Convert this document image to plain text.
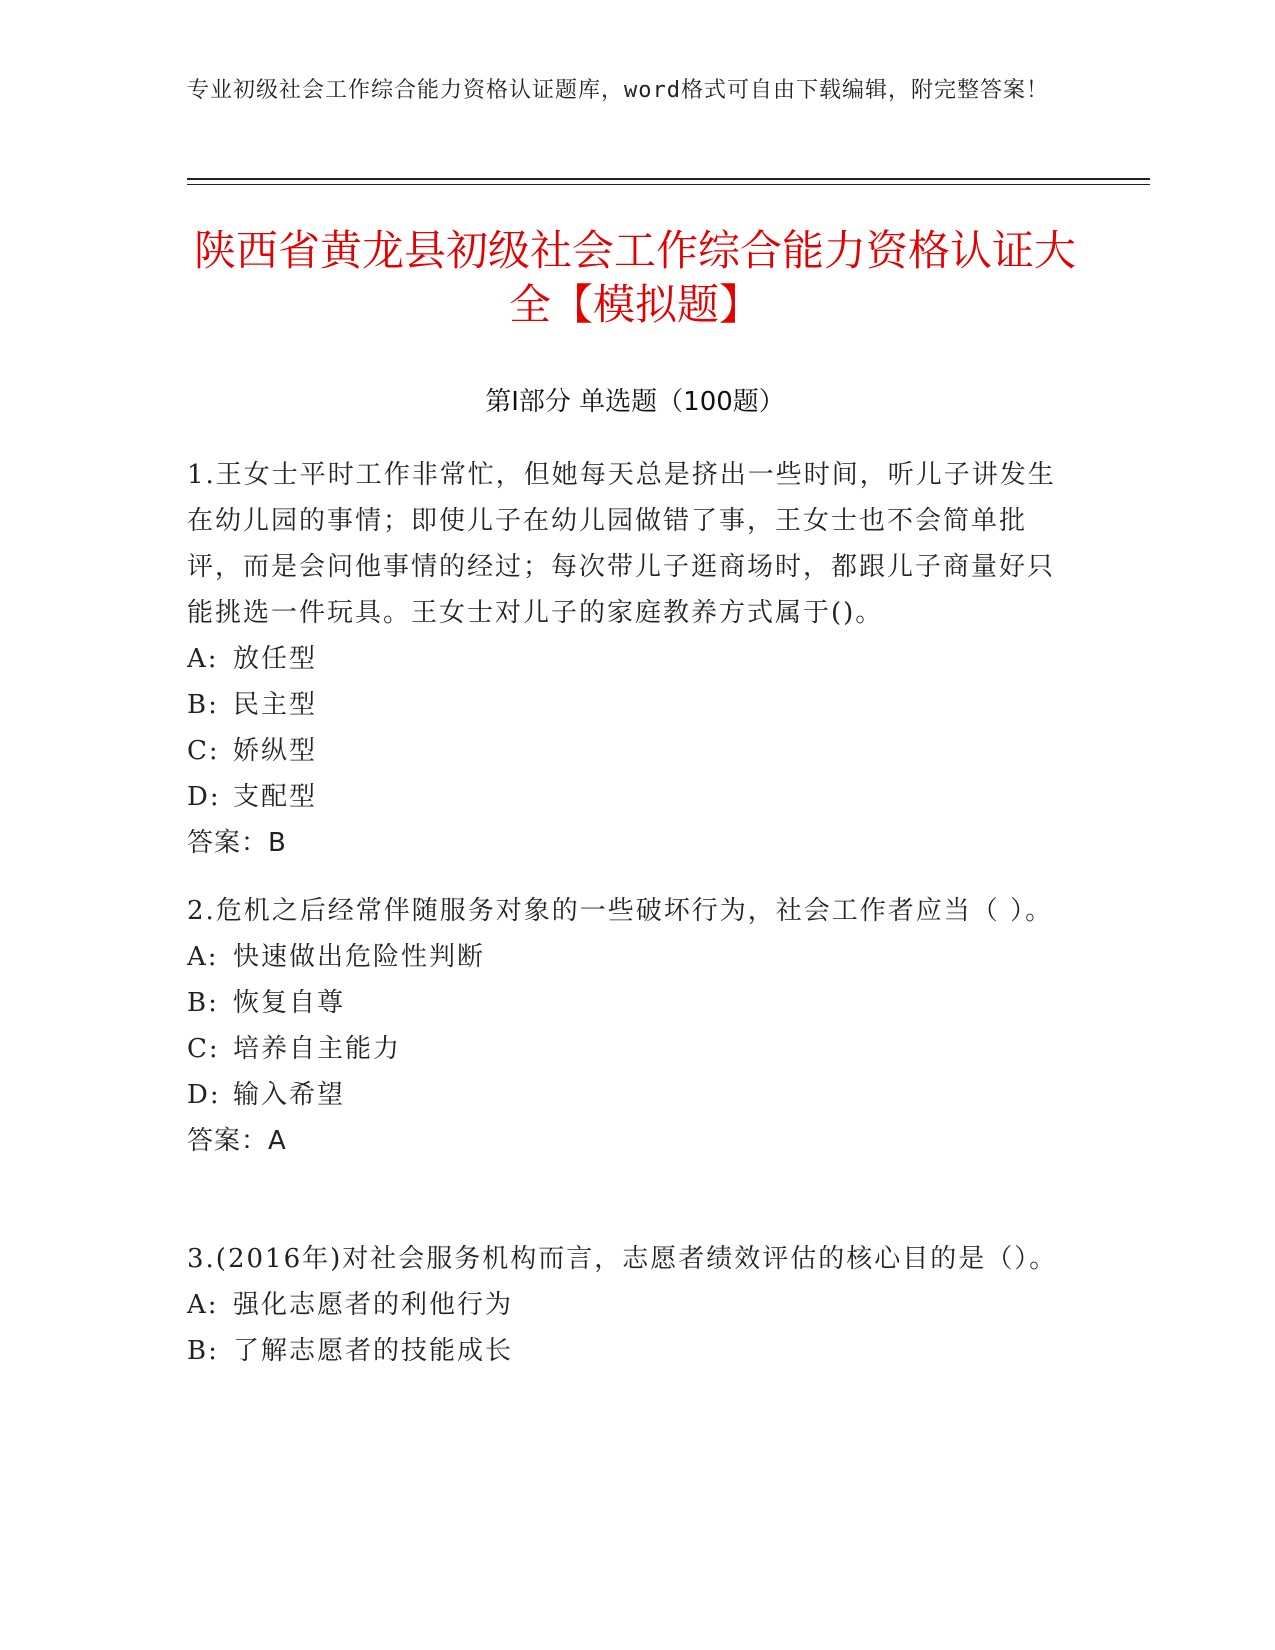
专业初级社会工作综合能力资格认证题库，word格式可自由下载编辑，附完整答案！
陕西省黄龙县初级社会工作综合能力资格认证大全【模拟题】
第Ⅰ部分 单选题（100题）
1.王女士平时工作非常忙，但她每天总是挤出一些时间，听儿子讲发生在幼儿园的事情；即使儿子在幼儿园做错了事，王女士也不会简单批评，而是会问他事情的经过；每次带儿子逛商场时，都跟儿子商量好只能挑选一件玩具。王女士对儿子的家庭教养方式属于()。
A: 放任型
B: 民主型
C: 娇纵型
D: 支配型
答案：B
2.危机之后经常伴随服务对象的一些破坏行为，社会工作者应当（ ）。
A: 快速做出危险性判断
B: 恢复自尊
C: 培养自主能力
D: 输入希望
答案：A
3.(2016年)对社会服务机构而言，志愿者绩效评估的核心目的是（）。
A: 强化志愿者的利他行为
B: 了解志愿者的技能成长
